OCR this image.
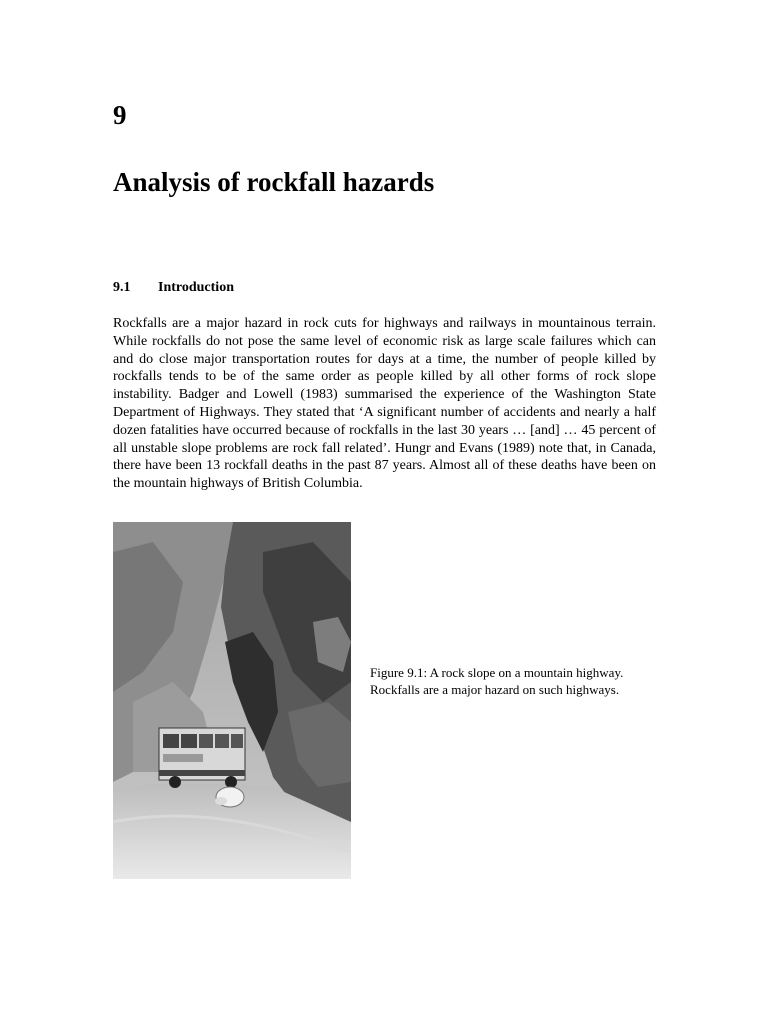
9
Analysis of rockfall hazards
9.1 Introduction

Rockfalls are a major hazard in rock cuts for highways and railways in mountainous terrain. While rockfalls do not pose the same level of economic risk as large scale failures which can and do close major transportation routes for days at a time, the number of people killed by rockfalls tends to be of the same order as people killed by all other forms of rock slope instability. Badger and Lowell (1983) summarised the experience of the Washington State Department of Highways. They stated that ‘A significant number of accidents and nearly a half dozen fatalities have occurred because of rockfalls in the last 30 years … [and] … 45 percent of all unstable slope problems are rock fall related’. Hungr and Evans (1989) note that, in Canada, there have been 13 rockfall deaths in the past 87 years. Almost all of these deaths have been on the mountain highways of British Columbia.

Figure 9.1: A rock slope on a mountain highway.
Rockfalls are a major hazard on such highways.
